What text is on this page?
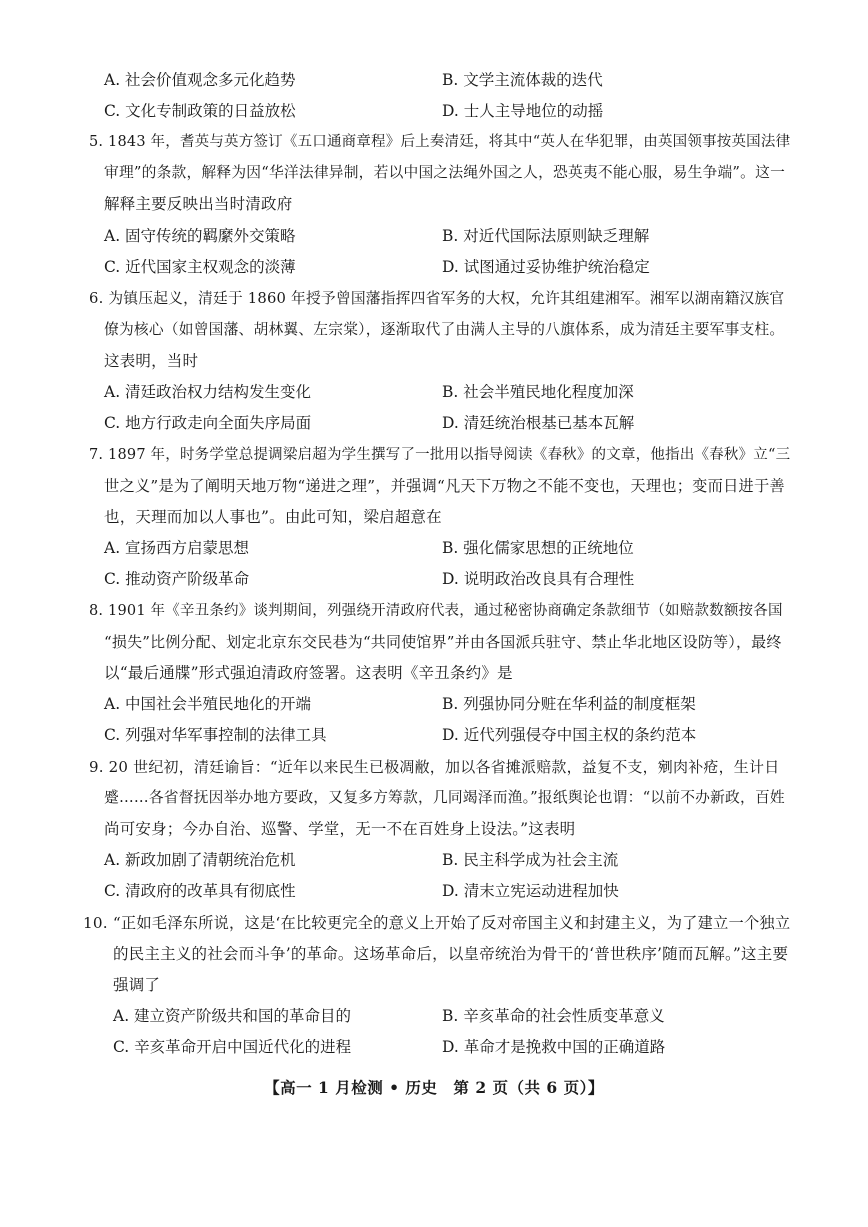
A. 社会价值观念多元化趋势	B. 文学主流体裁的迭代
C. 文化专制政策的日益放松	D. 士人主导地位的动摇
5. 1843 年，耆英与英方签订《五口通商章程》后上奏清廷，将其中“英人在华犯罪，由英国领事按英国法律
审理”的条款，解释为因“华洋法律异制，若以中国之法绳外国之人，恐英夷不能心服，易生争端”。这一
解释主要反映出当时清政府
A. 固守传统的羁縻外交策略	B. 对近代国际法原则缺乏理解
C. 近代国家主权观念的淡薄	D. 试图通过妥协维护统治稳定
6. 为镇压起义，清廷于 1860 年授予曾国藩指挥四省军务的大权，允许其组建湘军。湘军以湖南籍汉族官
僚为核心（如曾国藩、胡林翼、左宗棠），逐渐取代了由满人主导的八旗体系，成为清廷主要军事支柱。
这表明，当时
A. 清廷政治权力结构发生变化	B. 社会半殖民地化程度加深
C. 地方行政走向全面失序局面	D. 清廷统治根基已基本瓦解
7. 1897 年，时务学堂总提调梁启超为学生撰写了一批用以指导阅读《春秋》的文章，他指出《春秋》立“三
世之义”是为了阐明天地万物“递进之理”，并强调“凡天下万物之不能不变也，天理也；变而日进于善
也，天理而加以人事也”。由此可知，梁启超意在
A. 宣扬西方启蒙思想	B. 强化儒家思想的正统地位
C. 推动资产阶级革命	D. 说明政治改良具有合理性
8. 1901 年《辛丑条约》谈判期间，列强绕开清政府代表，通过秘密协商确定条款细节（如赔款数额按各国
“损失”比例分配、划定北京东交民巷为“共同使馆界”并由各国派兵驻守、禁止华北地区设防等），最终
以“最后通牒”形式强迫清政府签署。这表明《辛丑条约》是
A. 中国社会半殖民地化的开端	B. 列强协同分赃在华利益的制度框架
C. 列强对华军事控制的法律工具	D. 近代列强侵夺中国主权的条约范本
9. 20 世纪初，清廷谕旨：“近年以来民生已极凋敝，加以各省摊派赔款，益复不支，剜肉补疮，生计日
蹙……各省督抚因举办地方要政，又复多方筹款，几同竭泽而渔。”报纸舆论也谓：“以前不办新政，百姓
尚可安身；今办自治、巡警、学堂，无一不在百姓身上设法。”这表明
A. 新政加剧了清朝统治危机	B. 民主科学成为社会主流
C. 清政府的改革具有彻底性	D. 清末立宪运动进程加快
10. “正如毛泽东所说，这是‘在比较更完全的意义上开始了反对帝国主义和封建主义，为了建立一个独立
的民主主义的社会而斗争’的革命。这场革命后，以皇帝统治为骨干的‘普世秩序’随而瓦解。”这主要
强调了
A. 建立资产阶级共和国的革命目的	B. 辛亥革命的社会性质变革意义
C. 辛亥革命开启中国近代化的进程	D. 革命才是挽救中国的正确道路
【高一 1 月检测 • 历史　第 2 页（共 6 页）】
